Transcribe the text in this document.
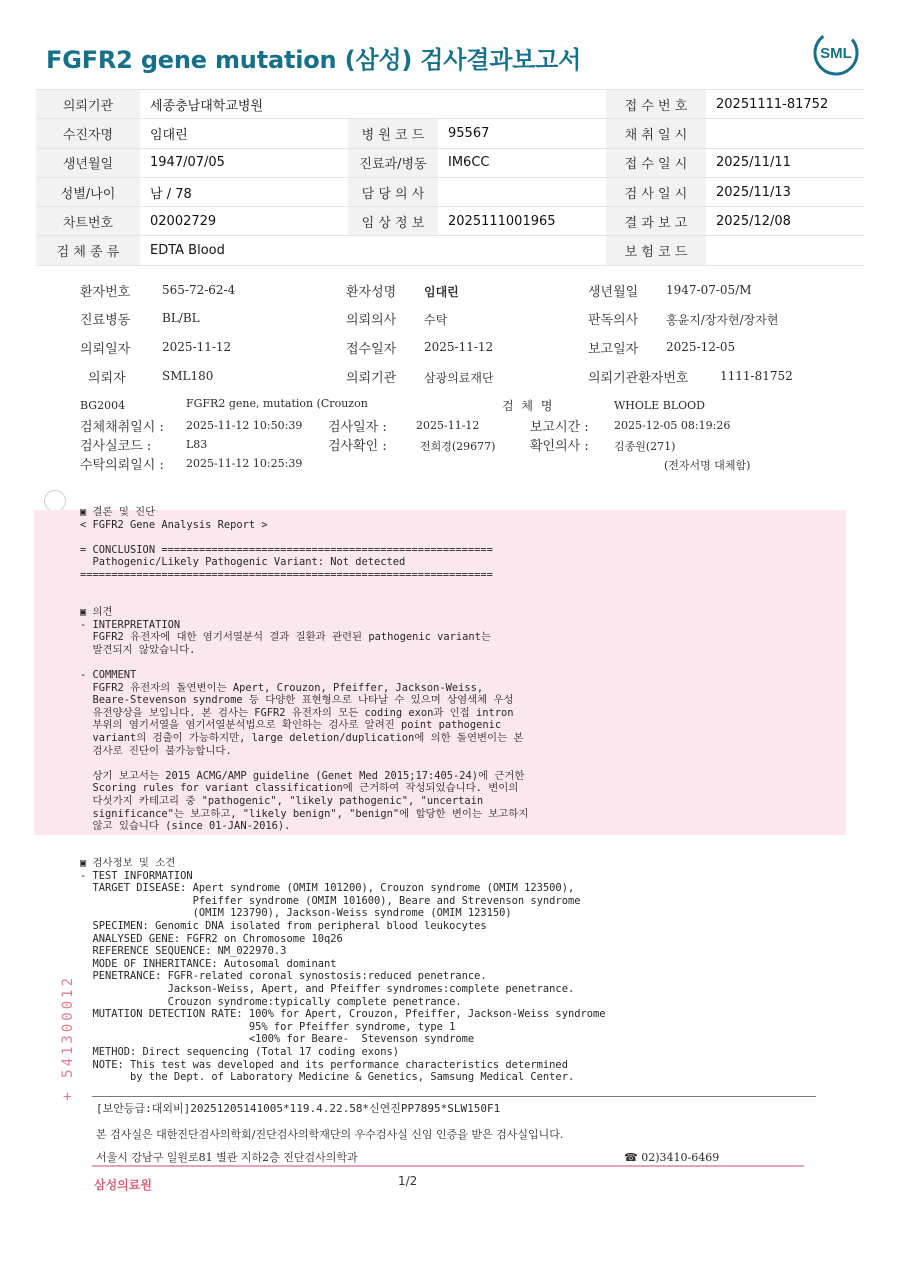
FGFR2 gene mutation (삼성) 검사결과보고서	SML
의뢰기관	세종충남대학교병원			접 수 번 호	20251111-81752
수진자명	임대린	병 원 코 드	95567	채 취 일 시	
생년월일	1947/07/05	진료과/병동	IM6CC	접 수 일 시	2025/11/11
성별/나이	남 / 78	담 당 의 사		검 사 일 시	2025/11/13
차트번호	02002729	임 상 정 보	2025111001965	결 과 보 고	2025/12/08
검 체 종 류	EDTA Blood			보 험 코 드	
환자번호	565-72-62-4	환자성명 임대린	생년월일 1947-07-05/M
진료병동	BL/BL	의뢰의사 수탁	판독의사 홍윤지/장자현/장자현
의뢰일자	2025-11-12	접수일자 2025-11-12	보고일자 2025-12-05
의뢰자	SML180	의뢰기관 삼광의료재단	의뢰기관환자번호	1111-81752
BG2004	FGFR2 gene, mutation (Crouzon	검 체 명	WHOLE BLOOD
검체채취일시 : 2025-11-12 10:50:39 검사일자 :	2025-11-12	보고시간 : 2025-12-05 08:19:26
검사실코드 :	L83	검사확인 :	전희경(29677)	확인의사 : 김종원(271)
수탁의뢰일시 : 2025-11-12 10:25:39	(전자서명 대체함)
▣ 결론 및 진단
< FGFR2 Gene Analysis Report >

= CONCLUSION =====================================================
Pathogenic/Likely Pathogenic Variant: Not detected
==================================================================
▣ 의견
- INTERPRETATION
FGFR2 유전자에 대한 염기서열분석 결과 질환과 관련된 pathogenic variant는
발견되지 않았습니다.

- COMMENT
FGFR2 유전자의 돌연변이는 Apert, Crouzon, Pfeiffer, Jackson-Weiss,
Beare-Stevenson syndrome 등 다양한 표현형으로 나타날 수 있으며 상염색체 우성
유전양상을 보입니다. 본 검사는 FGFR2 유전자의 모든 coding exon과 인접 intron
부위의 염기서열을 염기서열분석법으로 확인하는 검사로 알려진 point pathogenic
variant의 검출이 가능하지만, large deletion/duplication에 의한 돌연변이는 본
검사로 진단이 불가능합니다.

상기 보고서는 2015 ACMG/AMP guideline (Genet Med 2015;17:405-24)에 근거한
Scoring rules for variant classification에 근거하여 작성되었습니다. 변이의
다섯가지 카테고리 중 "pathogenic", "likely pathogenic", "uncertain
significance"는 보고하고, "likely benign", "benign"에 합당한 변이는 보고하지
않고 있습니다 (since 01-JAN-2016).
▣ 검사정보 및 소견
- TEST INFORMATION
TARGET DISEASE: Apert syndrome (OMIM 101200), Crouzon syndrome (OMIM 123500),
Pfeiffer syndrome (OMIM 101600), Beare and Strevenson syndrome
(OMIM 123790), Jackson-Weiss syndrome (OMIM 123150)
SPECIMEN: Genomic DNA isolated from peripheral blood leukocytes
ANALYSED GENE: FGFR2 on Chromosome 10q26
REFERENCE SEQUENCE: NM_022970.3
MODE OF INHERITANCE: Autosomal dominant
PENETRANCE: FGFR-related coronal synostosis:reduced penetrance.
Jackson-Weiss, Apert, and Pfeiffer syndromes:complete penetrance.
Crouzon syndrome:typically complete penetrance.
MUTATION DETECTION RATE: 100% for Apert, Crouzon, Pfeiffer, Jackson-Weiss syndrome
95% for Pfeiffer syndrome, type 1
<100% for Beare-  Stevenson syndrome
METHOD: Direct sequencing (Total 17 coding exons)
NOTE: This test was developed and its performance characteristics determined
by the Dept. of Laboratory Medicine & Genetics, Samsung Medical Center.
+ 541300012
[보안등급:대외비]20251205141005*119.4.22.58*신연진PP7895*SLW150F1
본 검사실은 대한진단검사의학회/진단검사의학재단의 우수검사실 신임 인증을 받은 검사실입니다.
서울시 강남구 일원로81 별관 지하2층 진단검사의학과	☎ 02)3410-6469
삼성의료원	1/2
